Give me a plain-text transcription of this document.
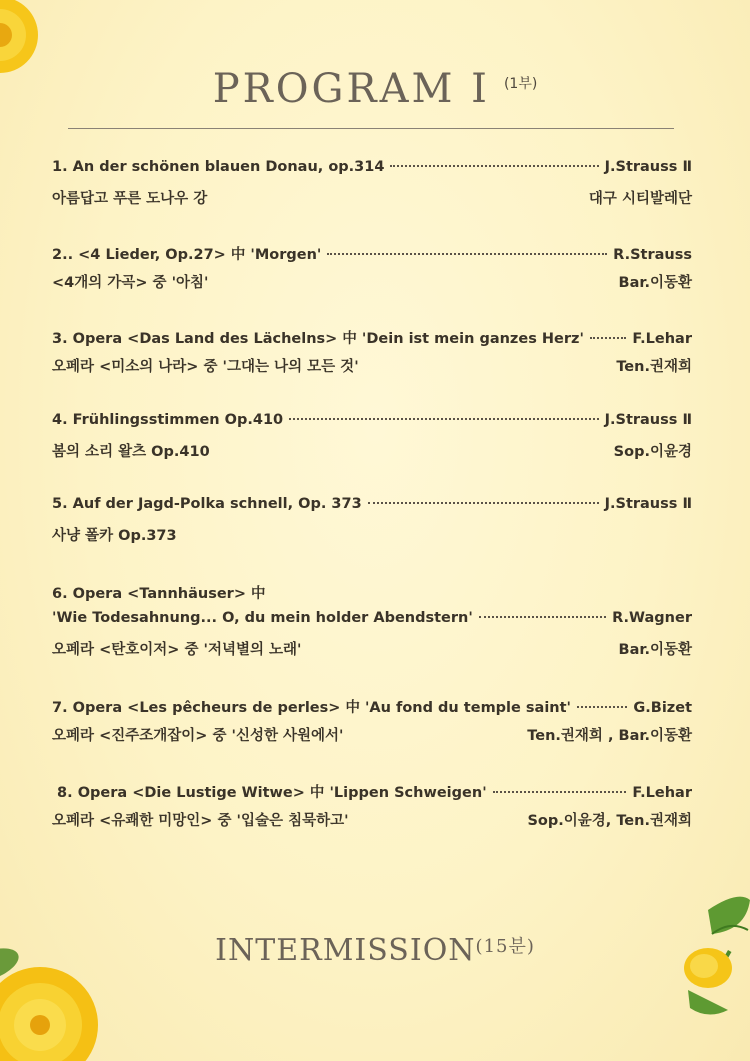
PROGRAM I $^{(1부)}$
1. An der schönen blauen Donau, op.314	J.Strauss Ⅱ
아름답고 푸른 도나우 강	대구 시티발레단
2.. <4 Lieder, Op.27> 中 'Morgen'	R.Strauss
<4개의 가곡> 중 '아침'	Bar.이동환
3. Opera <Das Land des Lächelns> 中 'Dein ist mein ganzes Herz'	F.Lehar
오페라 <미소의 나라> 중 '그대는 나의 모든 것'	Ten.권재희
4. Frühlingsstimmen Op.410	J.Strauss Ⅱ
봄의 소리 왈츠 Op.410	Sop.이윤경
5. Auf der Jagd-Polka schnell, Op. 373	J.Strauss Ⅱ
사냥 폴카 Op.373
6. Opera <Tannhäuser> 中
'Wie Todesahnung... O, du mein holder Abendstern'	R.Wagner
오페라 <탄호이저> 중 '저녁별의 노래'	Bar.이동환
7. Opera <Les pêcheurs de perles> 中 'Au fond du temple saint'	G.Bizet
오페라 <진주조개잡이> 중 '신성한 사원에서'	Ten.권재희 , Bar.이동환
8. Opera <Die Lustige Witwe> 中 'Lippen Schweigen'	F.Lehar
오페라 <유쾌한 미망인> 중 '입술은 침묵하고'	Sop.이윤경, Ten.권재희
$INTERMISSION^{(15분)}$
